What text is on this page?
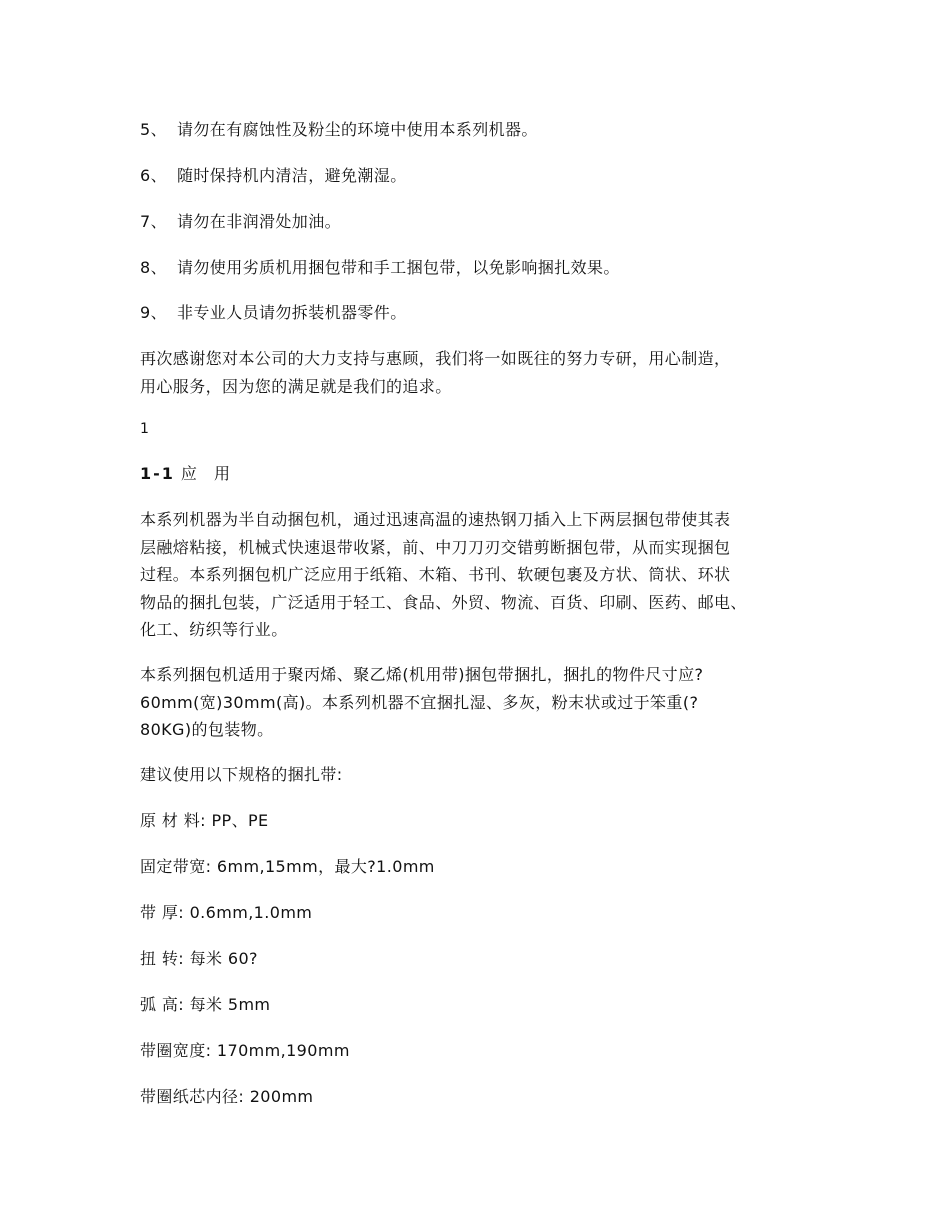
5、 请勿在有腐蚀性及粉尘的环境中使用本系列机器。
6、 随时保持机内清洁，避免潮湿。
7、 请勿在非润滑处加油。
8、 请勿使用劣质机用捆包带和手工捆包带，以免影响捆扎效果。
9、 非专业人员请勿拆装机器零件。
再次感谢您对本公司的大力支持与惠顾，我们将一如既往的努力专研，用心制造，
用心服务，因为您的满足就是我们的追求。
1
1-1 应 用
本系列机器为半自动捆包机，通过迅速高温的速热钢刀插入上下两层捆包带使其表
层融熔粘接，机械式快速退带收紧，前、中刀刀刃交错剪断捆包带，从而实现捆包
过程。本系列捆包机广泛应用于纸箱、木箱、书刊、软硬包裹及方状、筒状、环状
物品的捆扎包装，广泛适用于轻工、食品、外贸、物流、百货、印刷、医药、邮电、
化工、纺织等行业。
本系列捆包机适用于聚丙烯、聚乙烯(机用带)捆包带捆扎，捆扎的物件尺寸应?
60mm(宽)30mm(高)。本系列机器不宜捆扎湿、多灰，粉末状或过于笨重(?
80KG)的包装物。
建议使用以下规格的捆扎带:
原 材 料: PP、PE
固定带宽: 6mm,15mm，最大?1.0mm
带 厚: 0.6mm,1.0mm
扭 转: 每米 60?
弧 高: 每米 5mm
带圈宽度: 170mm,190mm
带圈纸芯内径: 200mm
